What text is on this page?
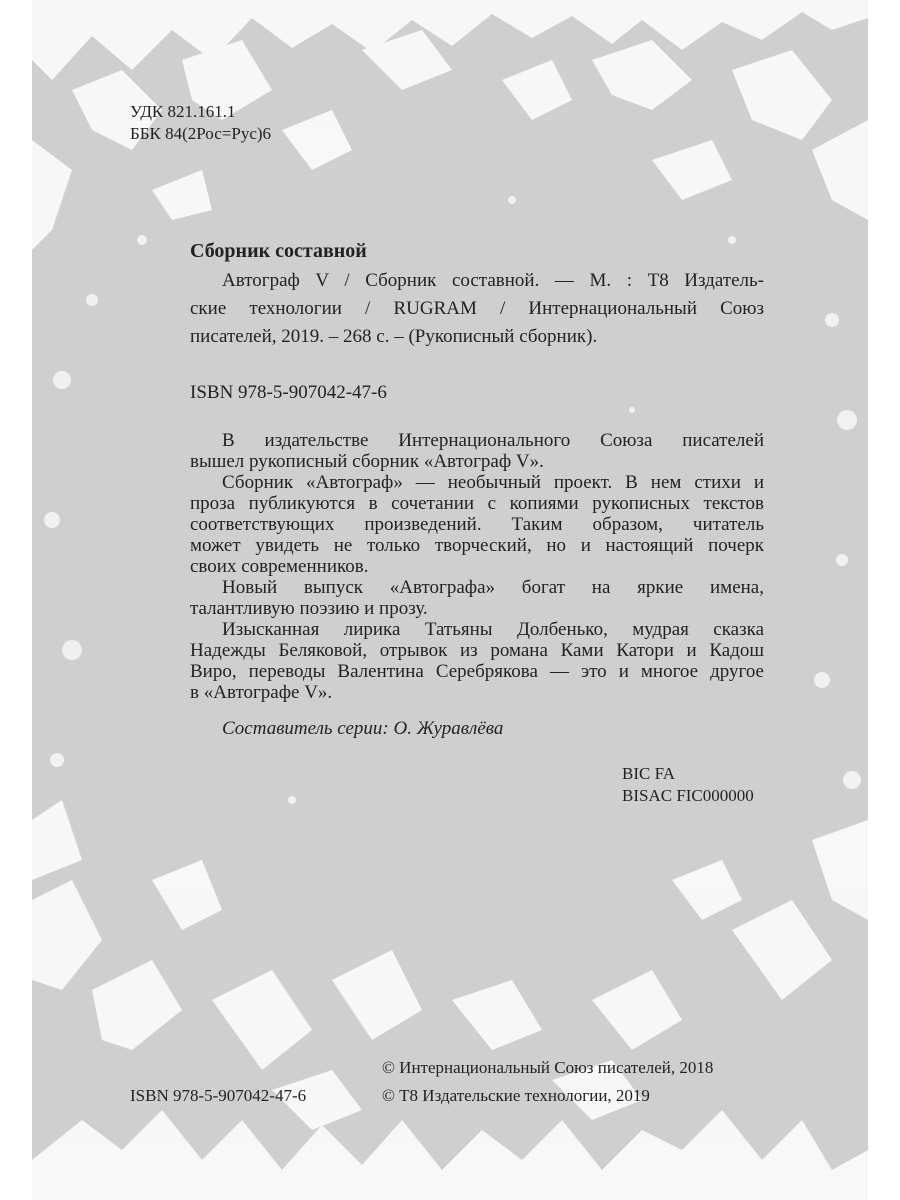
УДК 821.161.1
ББК 84(2Рос=Рус)6
Сборник составной
Автограф V / Сборник составной. — М. : Т8 Издатель-
ские технологии / RUGRAM / Интернациональный Союз
писателей, 2019. – 268 с. – (Рукописный сборник).
ISBN 978-5-907042-47-6
В издательстве Интернационального Союза писателей
вышел рукописный сборник «Автограф V».
Сборник «Автограф» — необычный проект. В нем стихи и
проза публикуются в сочетании с копиями рукописных текстов
соответствующих произведений. Таким образом, читатель
может увидеть не только творческий, но и настоящий почерк
своих современников.
Новый выпуск «Автографа» богат на яркие имена,
талантливую поэзию и прозу.
Изысканная лирика Татьяны Долбенько, мудрая сказка
Надежды Беляковой, отрывок из романа Ками Катори и Кадош
Виро, переводы Валентина Серебрякова — это и многое другое
в «Автографе V».
Составитель серии: О. Журавлёва
BIC FA
BISAC FIC000000
© Интернациональный Союз писателей, 2018
ISBN 978-5-907042-47-6	© Т8 Издательские технологии, 2019
